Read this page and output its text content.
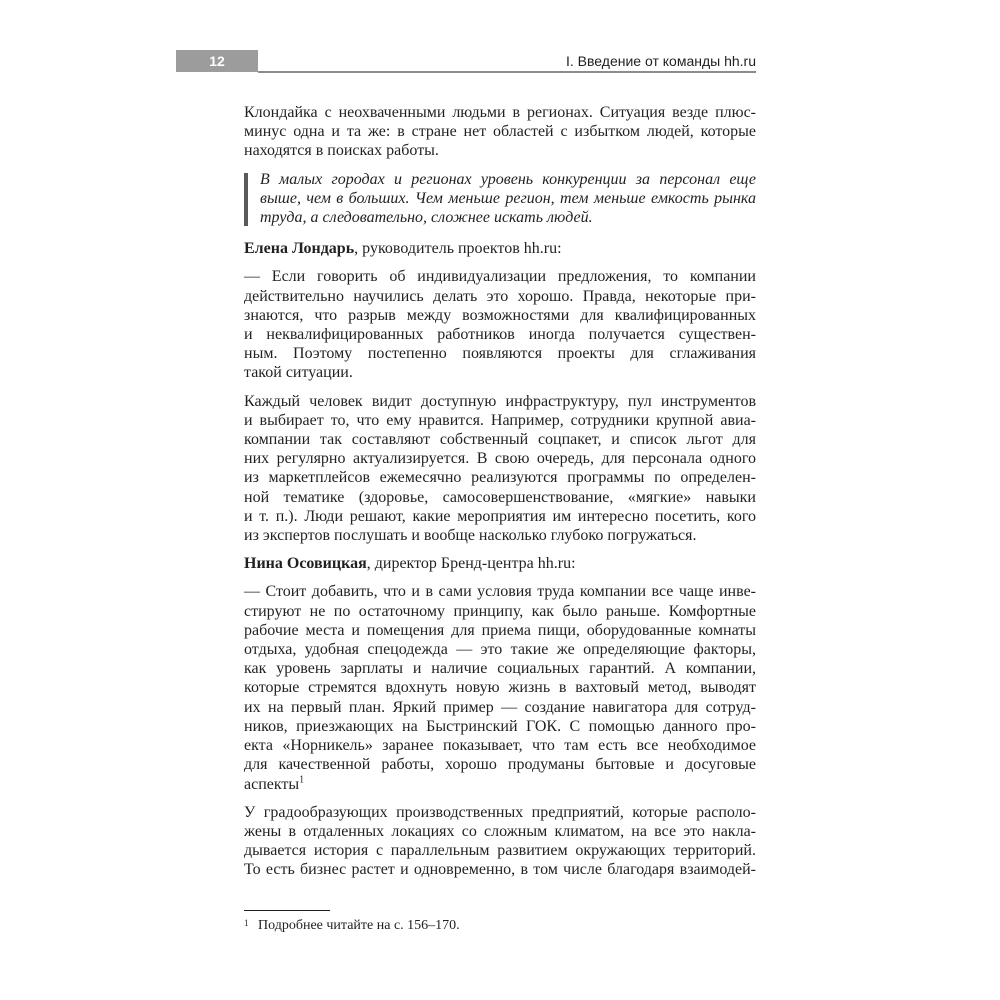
12	I. Введение от команды hh.ru

Клондайка с неохваченными людьми в регионах. Ситуация везде плюс-
минус одна и та же: в стране нет областей с избытком людей, которые
находятся в поисках работы.

В малых городах и регионах уровень конкуренции за персонал еще
выше, чем в больших. Чем меньше регион, тем меньше емкость рынка
труда, а следовательно, сложнее искать людей.

Елена Лондарь, руководитель проектов hh.ru:

— Если говорить об индивидуализации предложения, то компании
действительно научились делать это хорошо. Правда, некоторые при-
знаются, что разрыв между возможностями для квалифицированных
и неквалифицированных работников иногда получается существен-
ным. Поэтому постепенно появляются проекты для сглаживания
такой ситуации.

Каждый человек видит доступную инфраструктуру, пул инструментов
и выбирает то, что ему нравится. Например, сотрудники крупной авиа-
компании так составляют собственный соцпакет, и список льгот для
них регулярно актуализируется. В свою очередь, для персонала одного
из маркетплейсов ежемесячно реализуются программы по определен-
ной тематике (здоровье, самосовершенствование, «мягкие» навыки
и т. п.). Люди решают, какие мероприятия им интересно посетить, кого
из экспертов послушать и вообще насколько глубоко погружаться.

Нина Осовицкая, директор Бренд-центра hh.ru:

— Стоит добавить, что и в сами условия труда компании все чаще инве-
стируют не по остаточному принципу, как было раньше. Комфортные
рабочие места и помещения для приема пищи, оборудованные комнаты
отдыха, удобная спецодежда — это такие же определяющие факторы,
как уровень зарплаты и наличие социальных гарантий. А компании,
которые стремятся вдохнуть новую жизнь в вахтовый метод, выводят
их на первый план. Яркий пример — создание навигатора для сотруд-
ников, приезжающих на Быстринский ГОК. С помощью данного про-
екта «Норникель» заранее показывает, что там есть все необходимое
для качественной работы, хорошо продуманы бытовые и досуговые
аспекты$^1$

У градообразующих производственных предприятий, которые располо-
жены в отдаленных локациях со сложным климатом, на все это накла-
дывается история с параллельным развитием окружающих территорий.
То есть бизнес растет и одновременно, в том числе благодаря взаимодей-

1 Подробнее читайте на с. 156–170.
